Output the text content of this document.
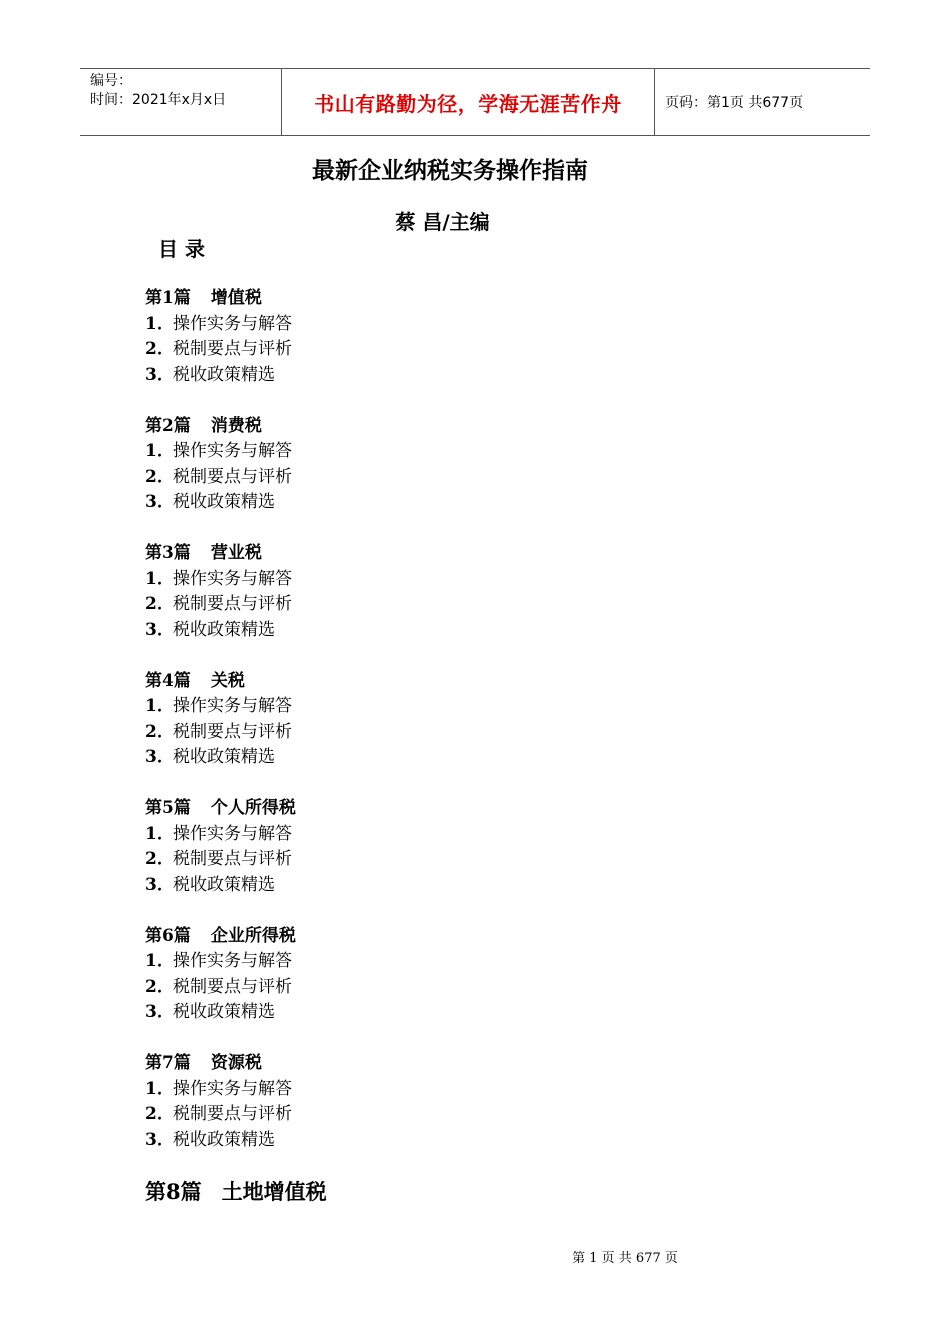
编号：
时间：2021年x月x日	书山有路勤为径，学海无涯苦作舟	页码：第1页 共677页
最新企业纳税实务操作指南
蔡 昌/主编
目 录
第1篇 增值税
1．操作实务与解答
2．税制要点与评析
3．税收政策精选
第2篇 消费税
1．操作实务与解答
2．税制要点与评析
3．税收政策精选
第3篇 营业税
1．操作实务与解答
2．税制要点与评析
3．税收政策精选
第4篇 关税
1．操作实务与解答
2．税制要点与评析
3．税收政策精选
第5篇 个人所得税
1．操作实务与解答
2．税制要点与评析
3．税收政策精选
第6篇 企业所得税
1．操作实务与解答
2．税制要点与评析
3．税收政策精选
第7篇 资源税
1．操作实务与解答
2．税制要点与评析
3．税收政策精选
第8篇 土地增值税
第 1 页 共 677 页
